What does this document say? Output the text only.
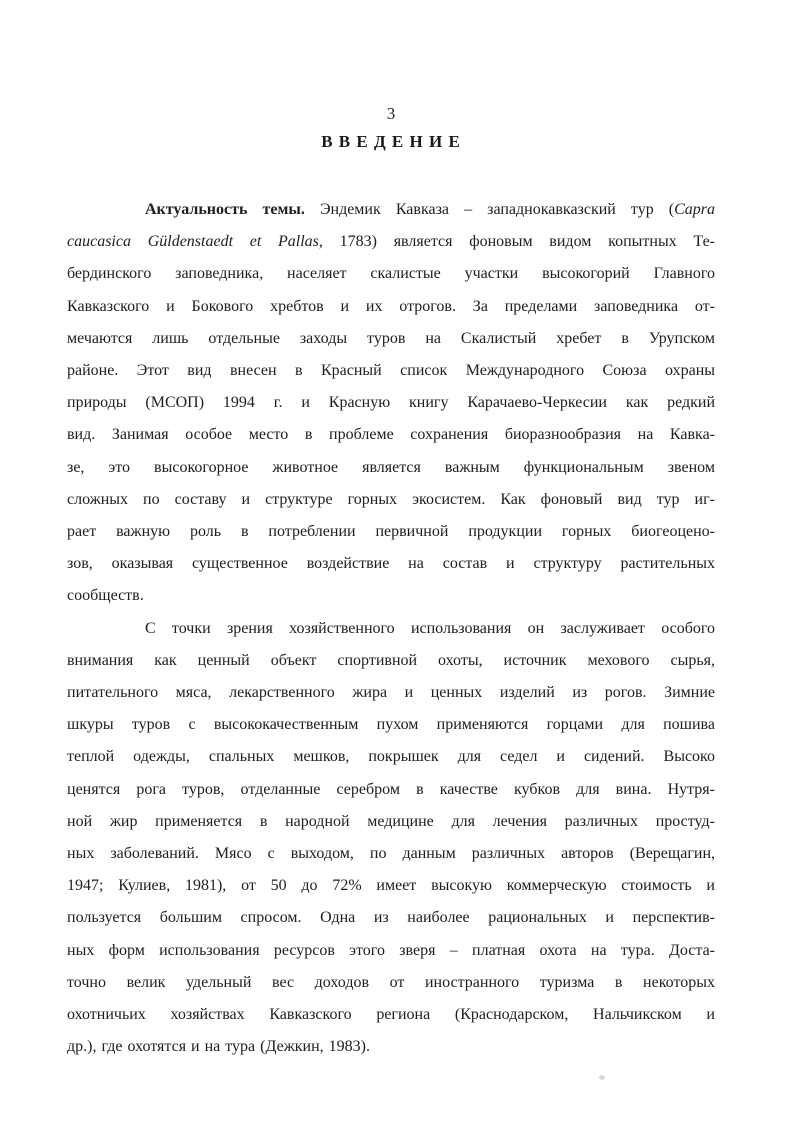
3
В В Е Д Е Н И Е
Актуальность темы. Эндемик Кавказа – западнокавказский тур (Capra
caucasica Güldenstaedt et Pallas, 1783) является фоновым видом копытных Те-
бердинского заповедника, населяет скалистые участки высокогорий Главного
Кавказского и Бокового хребтов и их отрогов. За пределами заповедника от-
мечаются лишь отдельные заходы туров на Скалистый хребет в Урупском
районе. Этот вид внесен в Красный список Международного Союза охраны
природы (МСОП) 1994 г. и Красную книгу Карачаево-Черкесии как редкий
вид. Занимая особое место в проблеме сохранения биоразнообразия на Кавка-
зе, это высокогорное животное является важным функциональным звеном
сложных по составу и структуре горных экосистем. Как фоновый вид тур иг-
рает важную роль в потреблении первичной продукции горных биогеоцено-
зов, оказывая существенное воздействие на состав и структуру растительных
сообществ.
С точки зрения хозяйственного использования он заслуживает особого
внимания как ценный объект спортивной охоты, источник мехового сырья,
питательного мяса, лекарственного жира и ценных изделий из рогов. Зимние
шкуры туров с высококачественным пухом применяются горцами для пошива
теплой одежды, спальных мешков, покрышек для седел и сидений. Высоко
ценятся рога туров, отделанные серебром в качестве кубков для вина. Нутря-
ной жир применяется в народной медицине для лечения различных простуд-
ных заболеваний. Мясо с выходом, по данным различных авторов (Верещагин,
1947; Кулиев, 1981), от 50 до 72% имеет высокую коммерческую стоимость и
пользуется большим спросом. Одна из наиболее рациональных и перспектив-
ных форм использования ресурсов этого зверя – платная охота на тура. Доста-
точно велик удельный вес доходов от иностранного туризма в некоторых
охотничьих хозяйствах Кавказского региона (Краснодарском, Нальчикском и
др.), где охотятся и на тура (Дежкин, 1983).
